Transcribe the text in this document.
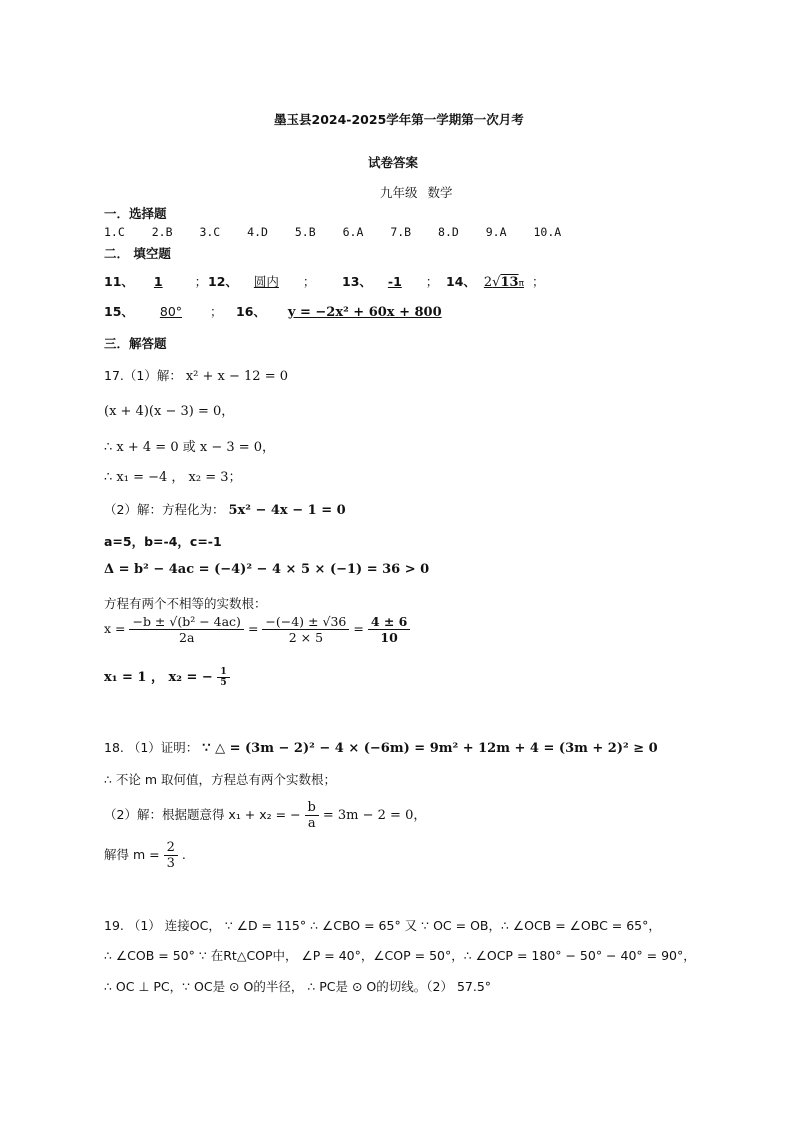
墨玉县2024-2025学年第一学期第一次月考
试卷答案
九年级 数学
一．选择题
1.C 2.B 3.C 4.D 5.B 6.A 7.B 8.D 9.A 10.A
二． 填空题
11、 1	； 12、 圆内 ； 13、 -1 ； 14、 2√13π ；
15、 80° ； 16、 y = −2x² + 60x + 800
三．解答题
17.（1）解： x² + x − 12 = 0
(x + 4)(x − 3) = 0，
∴ x + 4 = 0 或 x − 3 = 0，
∴ x₁ = −4 ， x₂ = 3；
（2）解：方程化为： 5x² − 4x − 1 = 0
a=5，b=-4，c=-1
Δ = b² − 4ac = (−4)² − 4 × 5 × (−1) = 36 > 0
方程有两个不相等的实数根：
$x = \frac{\text{−b ± √(b² − 4ac)}}{2a} = \frac{-(-4) \pm √36}{2 \times 5} = \frac{4 \pm 6}{10}$
x₁ = 1 ， x₂ = − $\frac{1}{5}$
18. （1）证明： ∵ △ = (3m − 2)² − 4 × (−6m) = 9m² + 12m + 4 = (3m + 2)² ≥ 0
∴ 不论 m 取何值，方程总有两个实数根；
（2）解：根据题意得 x₁ + x₂ = − $\frac{b}{a} = 3m - 2 = 0$，
解得 $m = \frac{2}{3}$ .
19. （1） 连接OC， ∵ ∠D = 115° ∴ ∠CBO = 65° 又 ∵ OC = OB，∴ ∠OCB = ∠OBC = 65°，
∴ ∠COB = 50° ∵ 在Rt△COP中， ∠P = 40°，∠COP = 50°，∴ ∠OCP = 180° − 50° − 40° = 90°，
∴ OC ⊥ PC，∵ OC是 ⊙ O的半径， ∴ PC是 ⊙ O的切线。（2） 57.5°
